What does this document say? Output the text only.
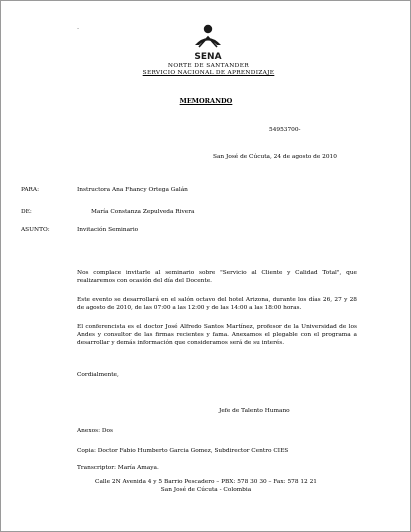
·
SENA
NORTE DE SANTANDER
SERVICIO NACIONAL DE APRENDIZAJE
MEMORANDO
54953700-
San José de Cúcuta, 24 de agosto de 2010
PARA:	Instructora Ana Fhancy Ortega Galán
DE:	María Constanza Zepulveda Rivera
ASUNTO:	Invitación Seminario
Nos complace invitarle al seminario sobre "Servicio al Cliente y Calidad Total", que realizaremos con ocasión del día del Docente.
Este evento se desarrollará en el salón octavo del hotel Arizona, durante los días 26, 27 y 28 de agosto de 2010, de las 07:00 a las 12:00 y de las 14:00 a las 18:00 horas.
El conferencista es el doctor José Alfredo Santos Martínez, profesor de la Universidad de los Andes y consultor de las firmas recientes y fama. Anexamos el plegable con el programa a desarrollar y demás información que consideramos será de su interés.
Cordialmente,
Jefe de Talento Humano
Anexos: Dos
Copia: Doctor Fabio Humberto Garcia Gomez, Subdirector Centro CIES
Transcriptor: María Amaya.
Calle 2N Avenida 4 y 5 Barrio Pescadero – PBX: 578 30 30 – Fax: 578 12 21
San José de Cúcuta - Colombia
